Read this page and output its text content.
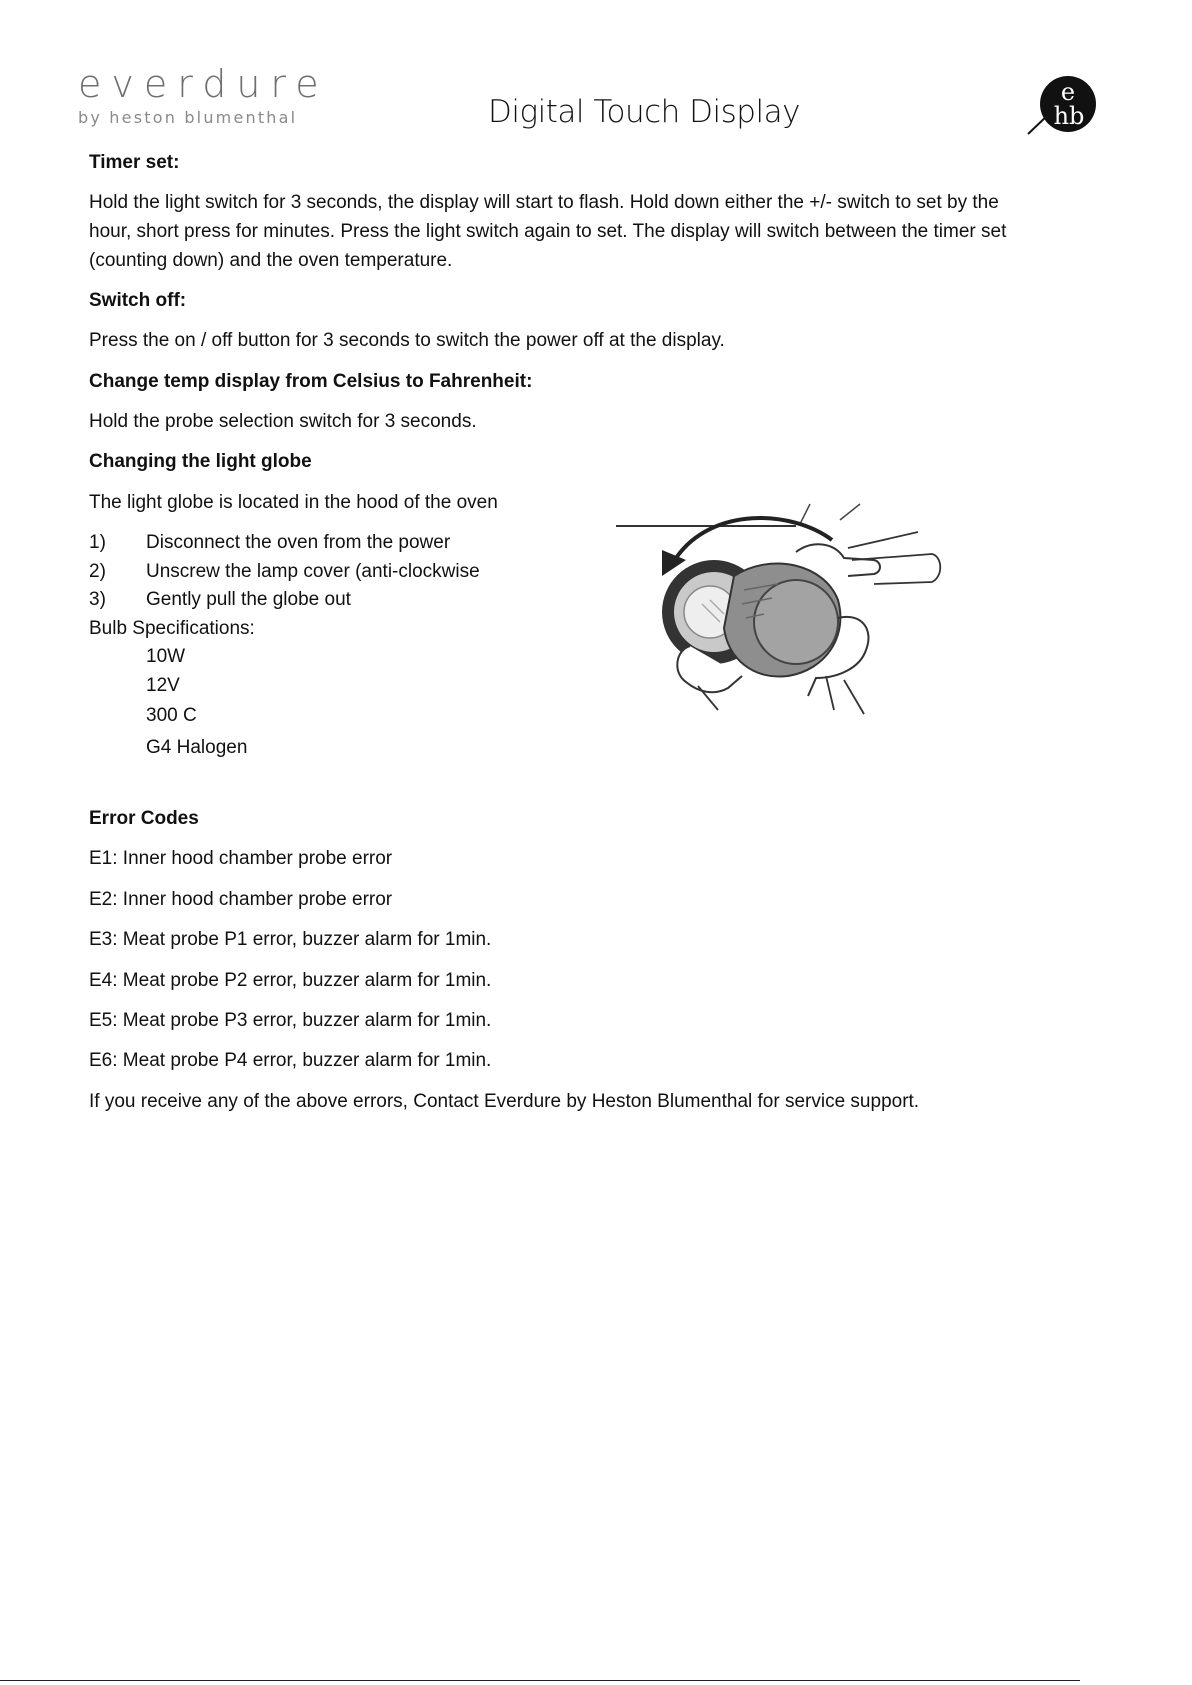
everdure
by heston blumenthal	Digital Touch Display
e
hb
Timer set:
Hold the light switch for 3 seconds, the display will start to flash. Hold down either the +/- switch to set by the
hour, short press for minutes. Press the light switch again to set. The display will switch between the timer set
(counting down) and the oven temperature.
Switch off:
Press the on / off button for 3 seconds to switch the power off at the display.
Change temp display from Celsius to Fahrenheit:
Hold the probe selection switch for 3 seconds.
Changing the light globe
The light globe is located in the hood of the oven
1) Disconnect the oven from the power
2) Unscrew the lamp cover (anti-clockwise
3) Gently pull the globe out
Bulb Specifications:
10W
12V
300 C
G4 Halogen
Error Codes
E1: Inner hood chamber probe error
E2: Inner hood chamber probe error
E3: Meat probe P1 error, buzzer alarm for 1min.
E4: Meat probe P2 error, buzzer alarm for 1min.
E5: Meat probe P3 error, buzzer alarm for 1min.
E6: Meat probe P4 error, buzzer alarm for 1min.
If you receive any of the above errors, Contact Everdure by Heston Blumenthal for service support.
